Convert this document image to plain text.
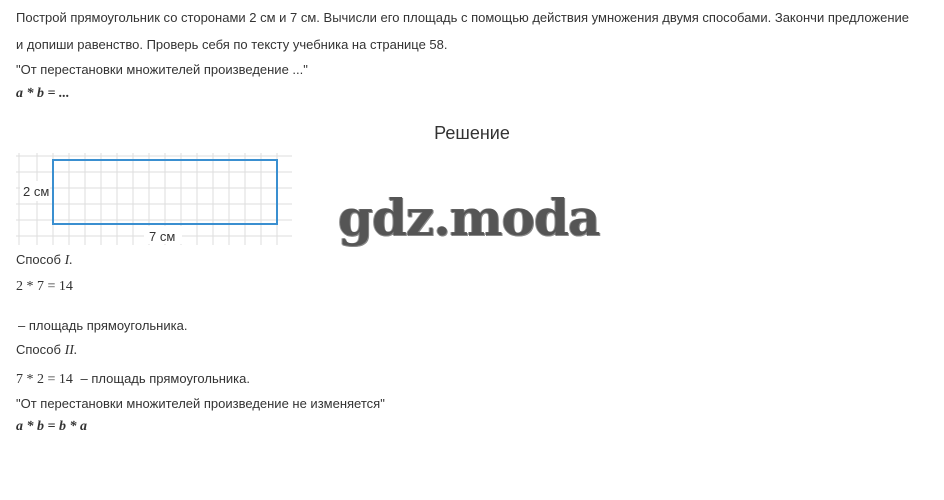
Построй прямоугольник со сторонами 2 см и 7 см. Вычисли его площадь с помощью действия умножения двумя способами. Закончи предложение
и допиши равенство. Проверь себя по тексту учебника на странице 58.
"От перестановки множителей произведение ..."
a * b = ...
Решение
2 см
7 см	gdz.moda
Способ I.
2 * 7 = 14
– площадь прямоугольника.
Способ II.
7 * 2 = 14 – площадь прямоугольника.
"От перестановки множителей произведение не изменяется"
a * b = b * a
